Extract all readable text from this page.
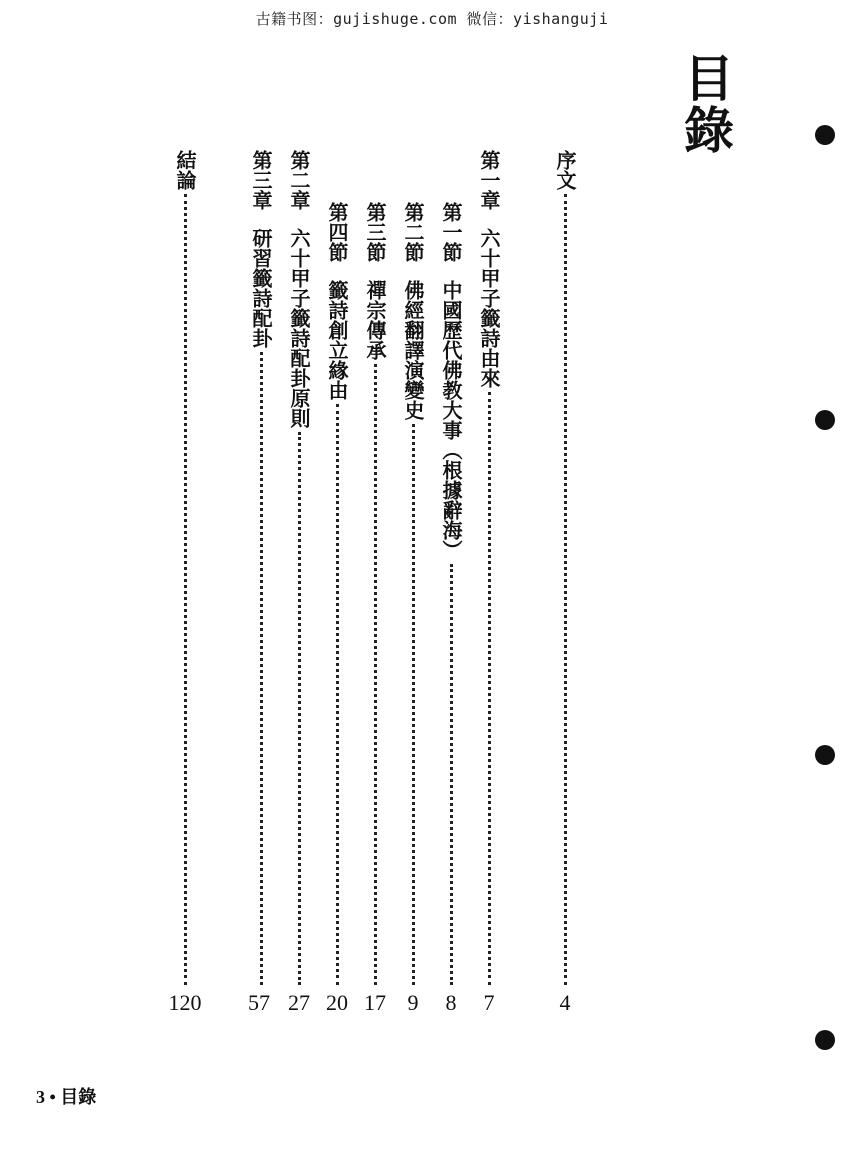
古籍书图：gujishuge.com 微信：yishanguji
目錄
序文
第一章
六十甲子籤詩由來
第一節
中國歷代佛教大事（根據辭海）
第二節
佛經翻譯演變史
第三節
禪宗傳承
第四節
籤詩創立緣由
第二章
六十甲子籤詩配卦原則
第三章
研習籤詩配卦
結論
4
7
8
9
17
20
27
57
120
3 • 目錄
